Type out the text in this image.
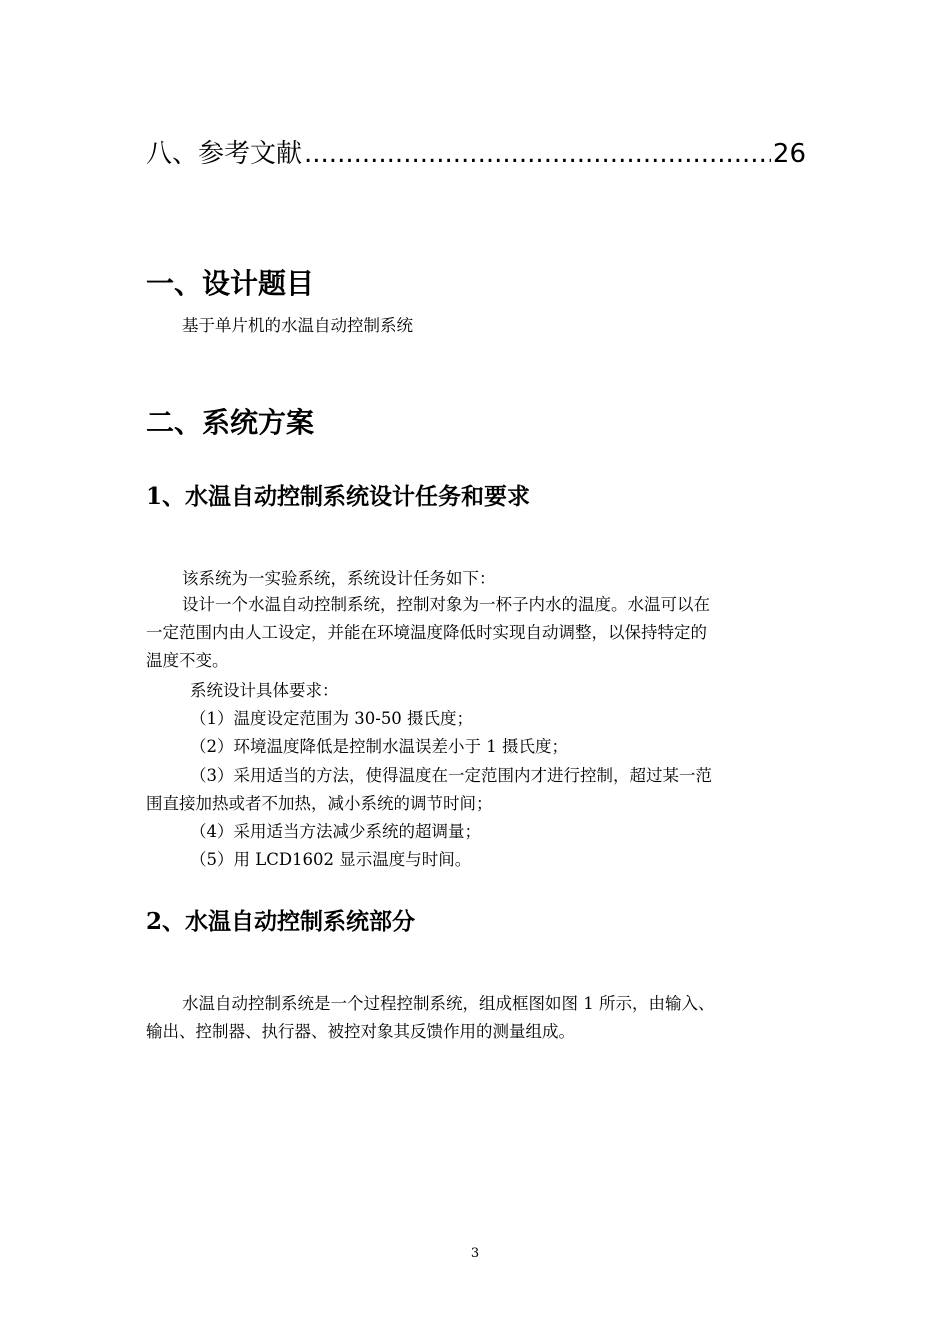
八、参考文献
.....	26
一、设计题目
基于单片机的水温自动控制系统
二、系统方案
1、水温自动控制系统设计任务和要求
该系统为一实验系统，系统设计任务如下：
设计一个水温自动控制系统，控制对象为一杯子内水的温度。水温可以在
一定范围内由人工设定，并能在环境温度降低时实现自动调整，以保持特定的
温度不变。
系统设计具体要求：
（1）温度设定范围为 30-50 摄氏度；
（2）环境温度降低是控制水温误差小于 1 摄氏度；
（3）采用适当的方法，使得温度在一定范围内才进行控制，超过某一范
围直接加热或者不加热，减小系统的调节时间；
（4）采用适当方法减少系统的超调量；
（5）用 LCD1602 显示温度与时间。
2、水温自动控制系统部分
水温自动控制系统是一个过程控制系统，组成框图如图 1 所示，由输入、
输出、控制器、执行器、被控对象其反馈作用的测量组成。
3
